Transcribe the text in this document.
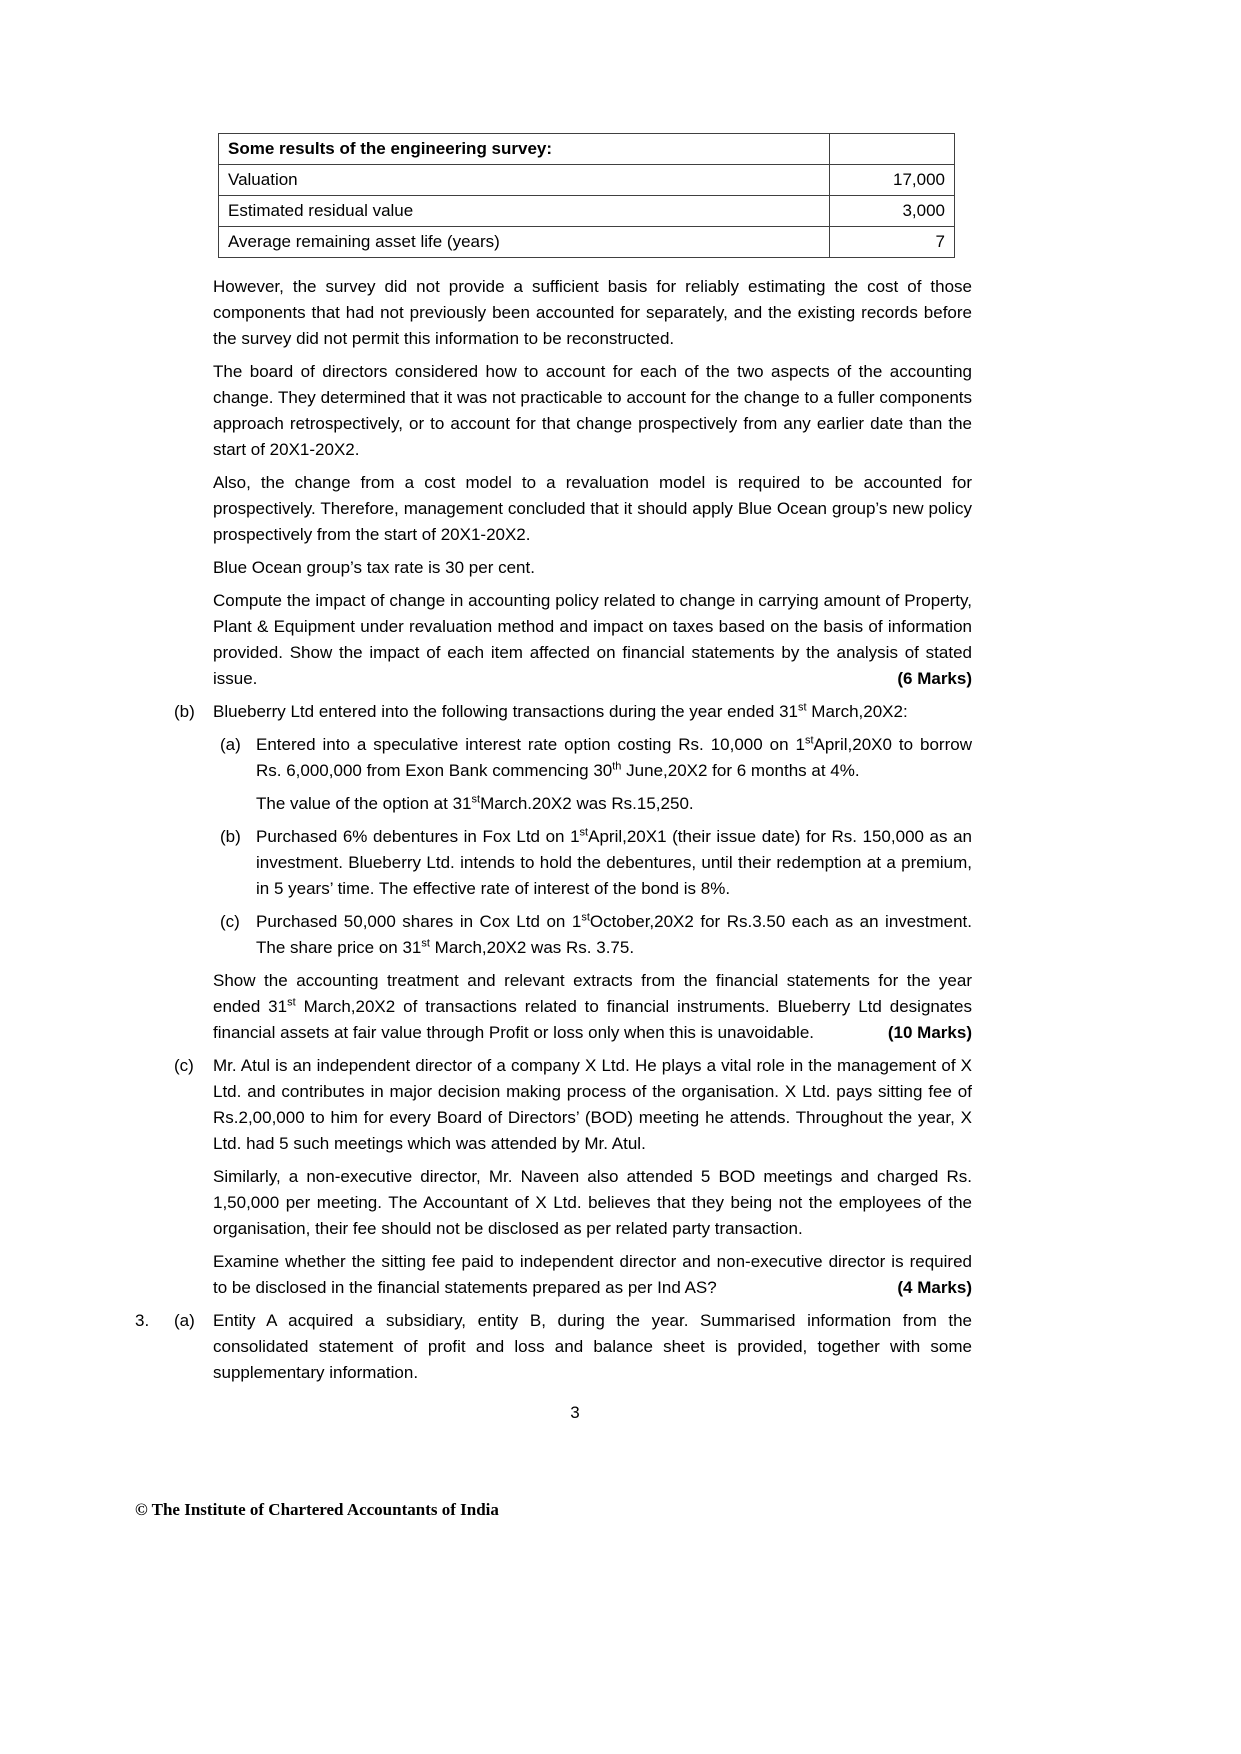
Some results of the engineering survey:	
Valuation	17,000
Estimated residual value	3,000
Average remaining asset life (years)	7
However, the survey did not provide a sufficient basis for reliably estimating the cost of those components that had not previously been accounted for separately, and the existing records before the survey did not permit this information to be reconstructed.
The board of directors considered how to account for each of the two aspects of the accounting change. They determined that it was not practicable to account for the change to a fuller components approach retrospectively, or to account for that change prospectively from any earlier date than the start of 20X1-20X2.
Also, the change from a cost model to a revaluation model is required to be accounted for prospectively. Therefore, management concluded that it should apply Blue Ocean group’s new policy prospectively from the start of 20X1-20X2.
Blue Ocean group’s tax rate is 30 per cent.
Compute the impact of change in accounting policy related to change in carrying amount of Property, Plant & Equipment under revaluation method and impact on taxes based on the basis of information provided. Show the impact of each item affected on financial statements by the analysis of stated issue.	(6 Marks)
(b)	Blueberry Ltd entered into the following transactions during the year ended 31st March,20X2:
(a) Entered into a speculative interest rate option costing Rs. 10,000 on 1stApril,20X0 to borrow Rs. 6,000,000 from Exon Bank commencing 30th June,20X2 for 6 months at 4%.
The value of the option at 31stMarch.20X2 was Rs.15,250.
(b) Purchased 6% debentures in Fox Ltd on 1stApril,20X1 (their issue date) for Rs. 150,000 as an investment. Blueberry Ltd. intends to hold the debentures, until their redemption at a premium, in 5 years’ time. The effective rate of interest of the bond is 8%.
(c) Purchased 50,000 shares in Cox Ltd on 1stOctober,20X2 for Rs.3.50 each as an investment. The share price on 31st March,20X2 was Rs. 3.75.
Show the accounting treatment and relevant extracts from the financial statements for the year ended 31st March,20X2 of transactions related to financial instruments. Blueberry Ltd designates financial assets at fair value through Profit or loss only when this is unavoidable.	(10 Marks)
(c)	Mr. Atul is an independent director of a company X Ltd. He plays a vital role in the management of X Ltd. and contributes in major decision making process of the organisation. X Ltd. pays sitting fee of Rs.2,00,000 to him for every Board of Directors’ (BOD) meeting he attends. Throughout the year, X Ltd. had 5 such meetings which was attended by Mr. Atul.
Similarly, a non-executive director, Mr. Naveen also attended 5 BOD meetings and charged Rs. 1,50,000 per meeting. The Accountant of X Ltd. believes that they being not the employees of the organisation, their fee should not be disclosed as per related party transaction.
Examine whether the sitting fee paid to independent director and non-executive director is required to be disclosed in the financial statements prepared as per Ind AS?	(4 Marks)
3.	(a)	Entity A acquired a subsidiary, entity B, during the year. Summarised information from the consolidated statement of profit and loss and balance sheet is provided, together with some supplementary information.
3
© The Institute of Chartered Accountants of India
